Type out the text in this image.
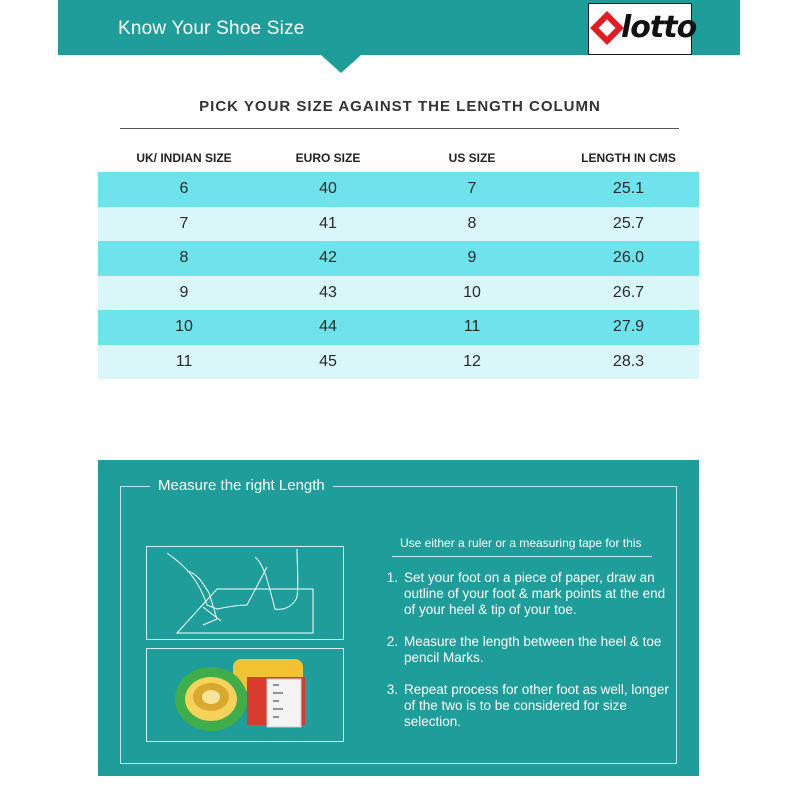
Know Your Shoe Size	lotto
PICK YOUR SIZE AGAINST THE LENGTH COLUMN
UK/ INDIAN SIZE	EURO SIZE	US SIZE	LENGTH IN CMS
6	40	7	25.1
7	41	8	25.7
8	42	9	26.0
9	43	10	26.7
10	44	11	27.9
11	45	12	28.3
Measure the right Length
Use either a ruler or a measuring tape for this
1. Set your foot on a piece of paper, draw an outline of your foot & mark points at the end of your heel & tip of your toe.
2. Measure the length between the heel & toe pencil Marks.
3. Repeat process for other foot as well, longer of the two is to be considered for size selection.
